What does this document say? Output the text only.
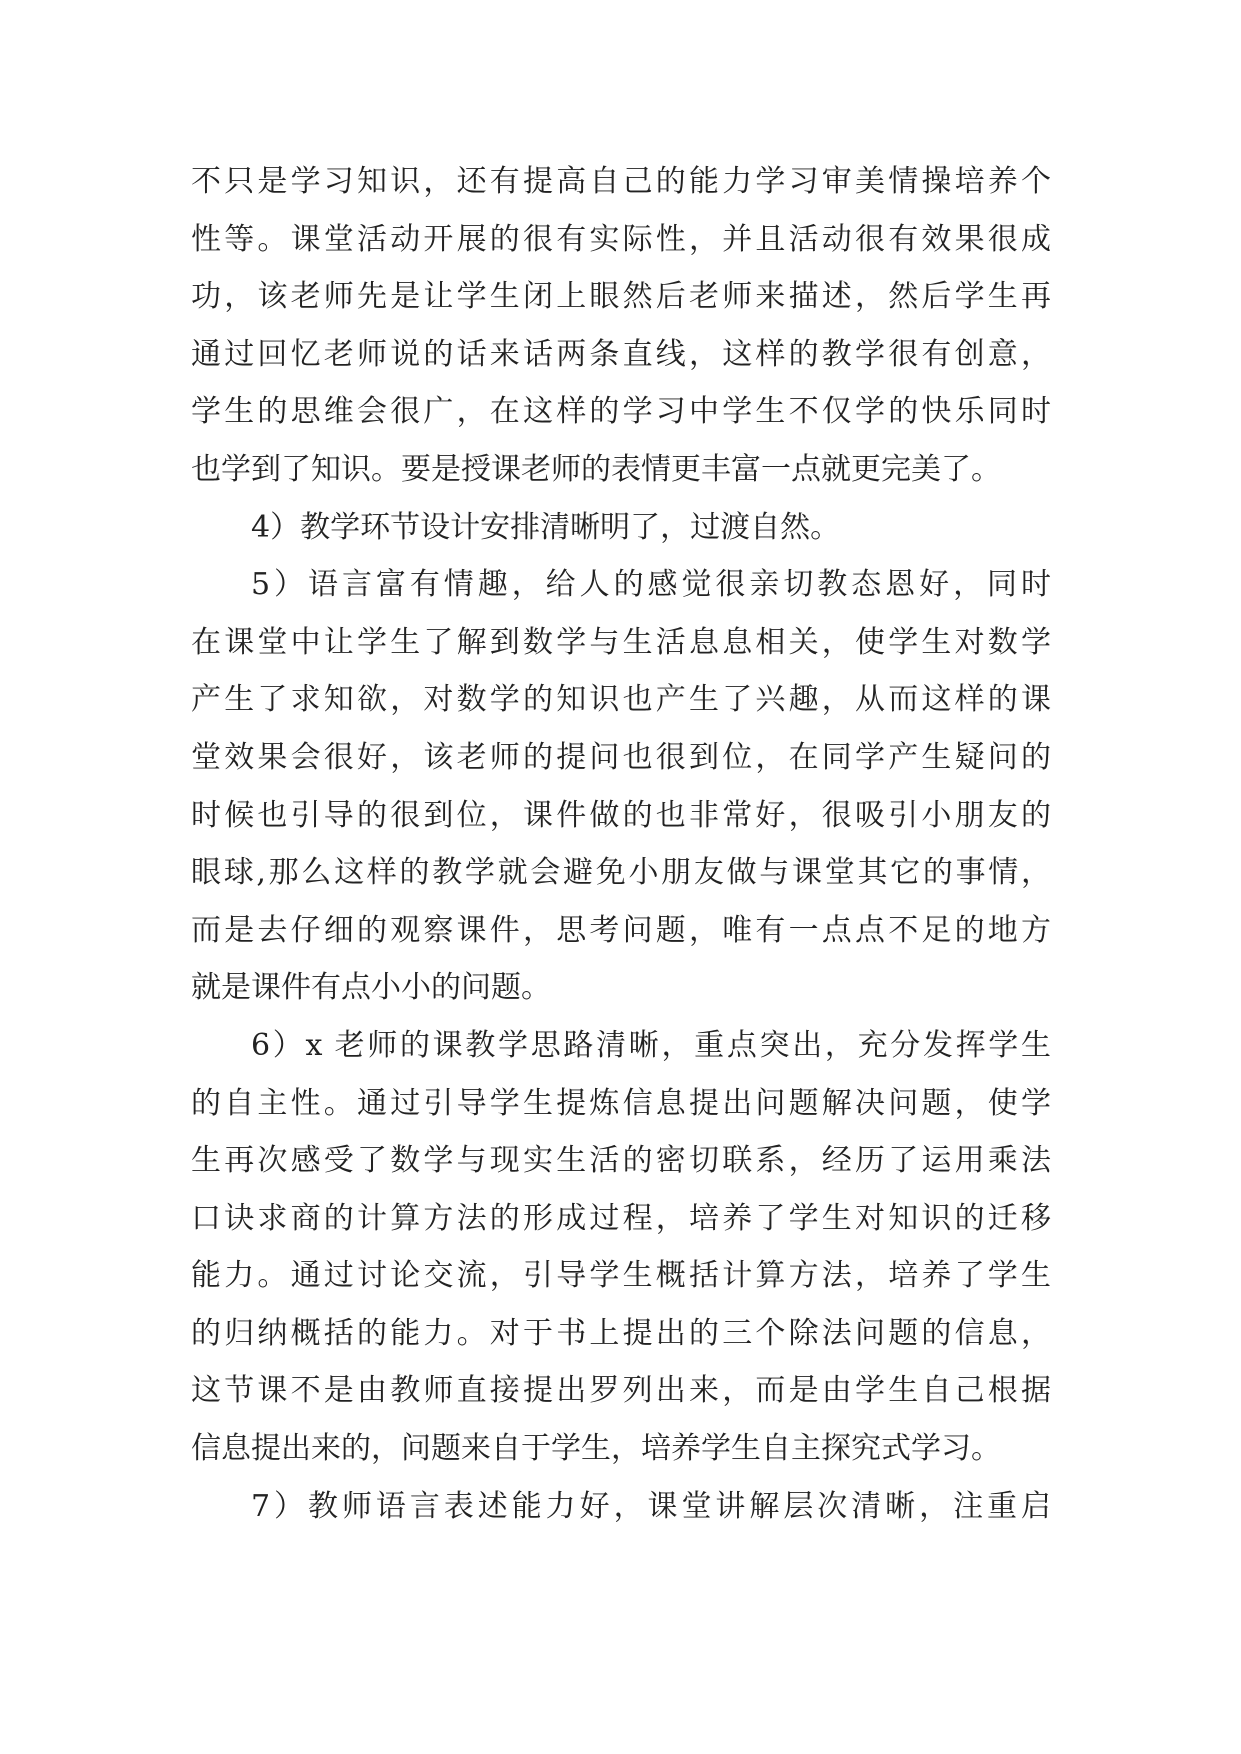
不只是学习知识，还有提高自己的能力学习审美情操培养个
性等。课堂活动开展的很有实际性，并且活动很有效果很成
功，该老师先是让学生闭上眼然后老师来描述，然后学生再
通过回忆老师说的话来话两条直线，这样的教学很有创意，
学生的思维会很广，在这样的学习中学生不仅学的快乐同时
也学到了知识。要是授课老师的表情更丰富一点就更完美了。
4）教学环节设计安排清晰明了，过渡自然。
5）语言富有情趣，给人的感觉很亲切教态恩好，同时
在课堂中让学生了解到数学与生活息息相关，使学生对数学
产生了求知欲，对数学的知识也产生了兴趣，从而这样的课
堂效果会很好，该老师的提问也很到位，在同学产生疑问的
时候也引导的很到位，课件做的也非常好，很吸引小朋友的
眼球,那么这样的教学就会避免小朋友做与课堂其它的事情，
而是去仔细的观察课件，思考问题，唯有一点点不足的地方
就是课件有点小小的问题。
6）x 老师的课教学思路清晰，重点突出，充分发挥学生
的自主性。通过引导学生提炼信息提出问题解决问题，使学
生再次感受了数学与现实生活的密切联系，经历了运用乘法
口诀求商的计算方法的形成过程，培养了学生对知识的迁移
能力。通过讨论交流，引导学生概括计算方法，培养了学生
的归纳概括的能力。对于书上提出的三个除法问题的信息，
这节课不是由教师直接提出罗列出来，而是由学生自己根据
信息提出来的，问题来自于学生，培养学生自主探究式学习。
7）教师语言表述能力好，课堂讲解层次清晰，注重启
